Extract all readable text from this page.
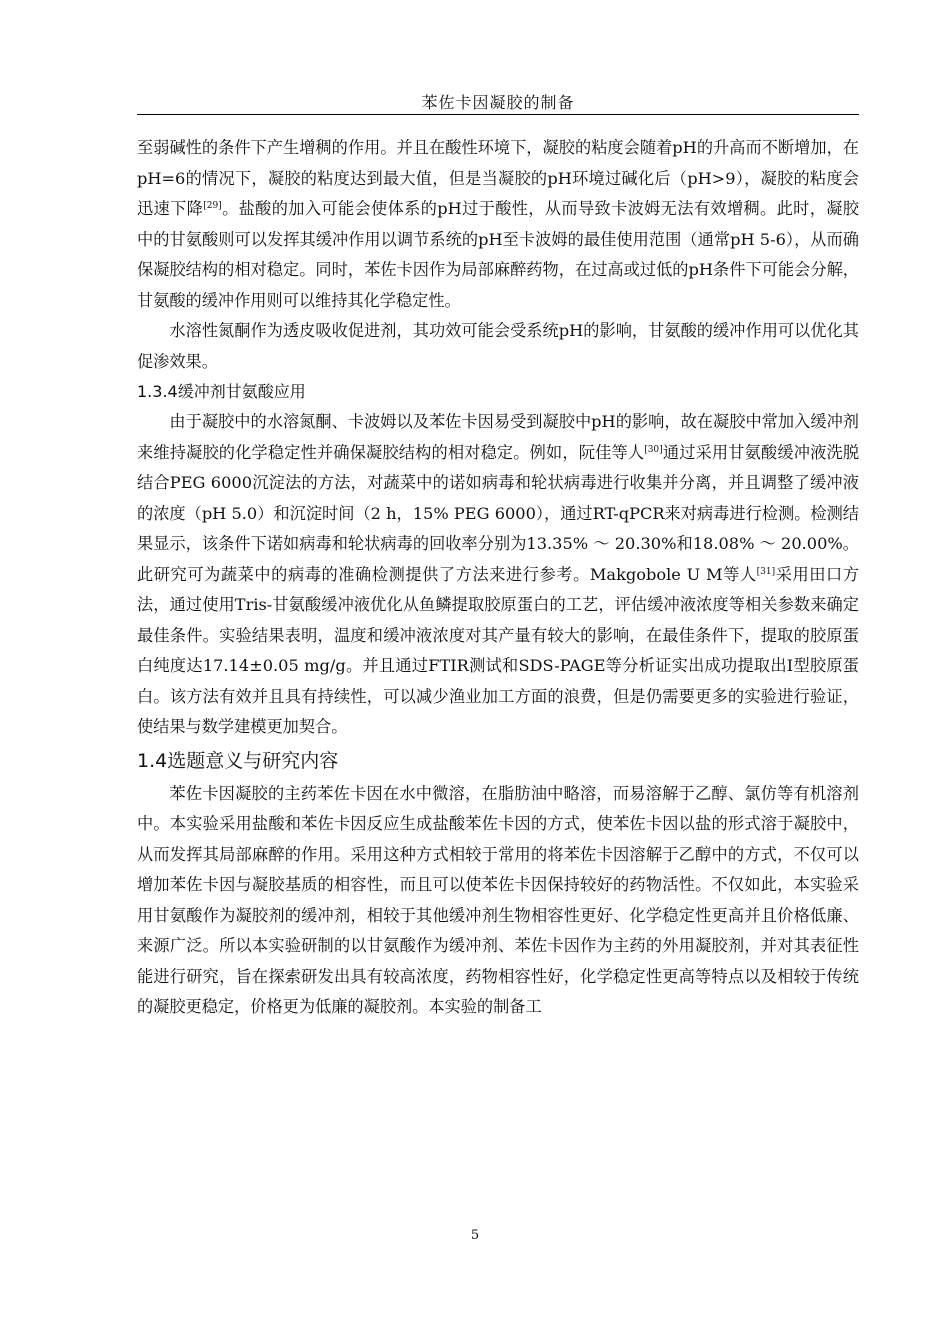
苯佐卡因凝胶的制备

至弱碱性的条件下产生增稠的作用。并且在酸性环境下，凝胶的粘度会随着pH的升高而不断增加，在pH=6的情况下，凝胶的粘度达到最大值，但是当凝胶的pH环境过碱化后（pH>9），凝胶的粘度会迅速下降[29]。盐酸的加入可能会使体系的pH过于酸性，从而导致卡波姆无法有效增稠。此时，凝胶中的甘氨酸则可以发挥其缓冲作用以调节系统的pH至卡波姆的最佳使用范围（通常pH 5-6），从而确保凝胶结构的相对稳定。同时，苯佐卡因作为局部麻醉药物，在过高或过低的pH条件下可能会分解，甘氨酸的缓冲作用则可以维持其化学稳定性。

水溶性氮酮作为透皮吸收促进剂，其功效可能会受系统pH的影响，甘氨酸的缓冲作用可以优化其促渗效果。

1.3.4缓冲剂甘氨酸应用

由于凝胶中的水溶氮酮、卡波姆以及苯佐卡因易受到凝胶中pH的影响，故在凝胶中常加入缓冲剂来维持凝胶的化学稳定性并确保凝胶结构的相对稳定。例如，阮佳等人[30]通过采用甘氨酸缓冲液洗脱结合PEG 6000沉淀法的方法，对蔬菜中的诺如病毒和轮状病毒进行收集并分离，并且调整了缓冲液的浓度（pH 5.0）和沉淀时间（2 h，15% PEG 6000），通过RT-qPCR来对病毒进行检测。检测结果显示，该条件下诺如病毒和轮状病毒的回收率分别为13.35% ～ 20.30%和18.08% ～ 20.00%。此研究可为蔬菜中的病毒的准确检测提供了方法来进行参考。Makgobole U M等人[31]采用田口方法，通过使用Tris-甘氨酸缓冲液优化从鱼鳞提取胶原蛋白的工艺，评估缓冲液浓度等相关参数来确定最佳条件。实验结果表明，温度和缓冲液浓度对其产量有较大的影响，在最佳条件下，提取的胶原蛋白纯度达17.14±0.05 mg/g。并且通过FTIR测试和SDS-PAGE等分析证实出成功提取出I型胶原蛋白。该方法有效并且具有持续性，可以减少渔业加工方面的浪费，但是仍需要更多的实验进行验证，使结果与数学建模更加契合。

1.4选题意义与研究内容

苯佐卡因凝胶的主药苯佐卡因在水中微溶，在脂肪油中略溶，而易溶解于乙醇、氯仿等有机溶剂中。本实验采用盐酸和苯佐卡因反应生成盐酸苯佐卡因的方式，使苯佐卡因以盐的形式溶于凝胶中，从而发挥其局部麻醉的作用。采用这种方式相较于常用的将苯佐卡因溶解于乙醇中的方式，不仅可以增加苯佐卡因与凝胶基质的相容性，而且可以使苯佐卡因保持较好的药物活性。不仅如此，本实验采用甘氨酸作为凝胶剂的缓冲剂，相较于其他缓冲剂生物相容性更好、化学稳定性更高并且价格低廉、来源广泛。所以本实验研制的以甘氨酸作为缓冲剂、苯佐卡因作为主药的外用凝胶剂，并对其表征性能进行研究，旨在探索研发出具有较高浓度，药物相容性好，化学稳定性更高等特点以及相较于传统的凝胶更稳定，价格更为低廉的凝胶剂。本实验的制备工

5
